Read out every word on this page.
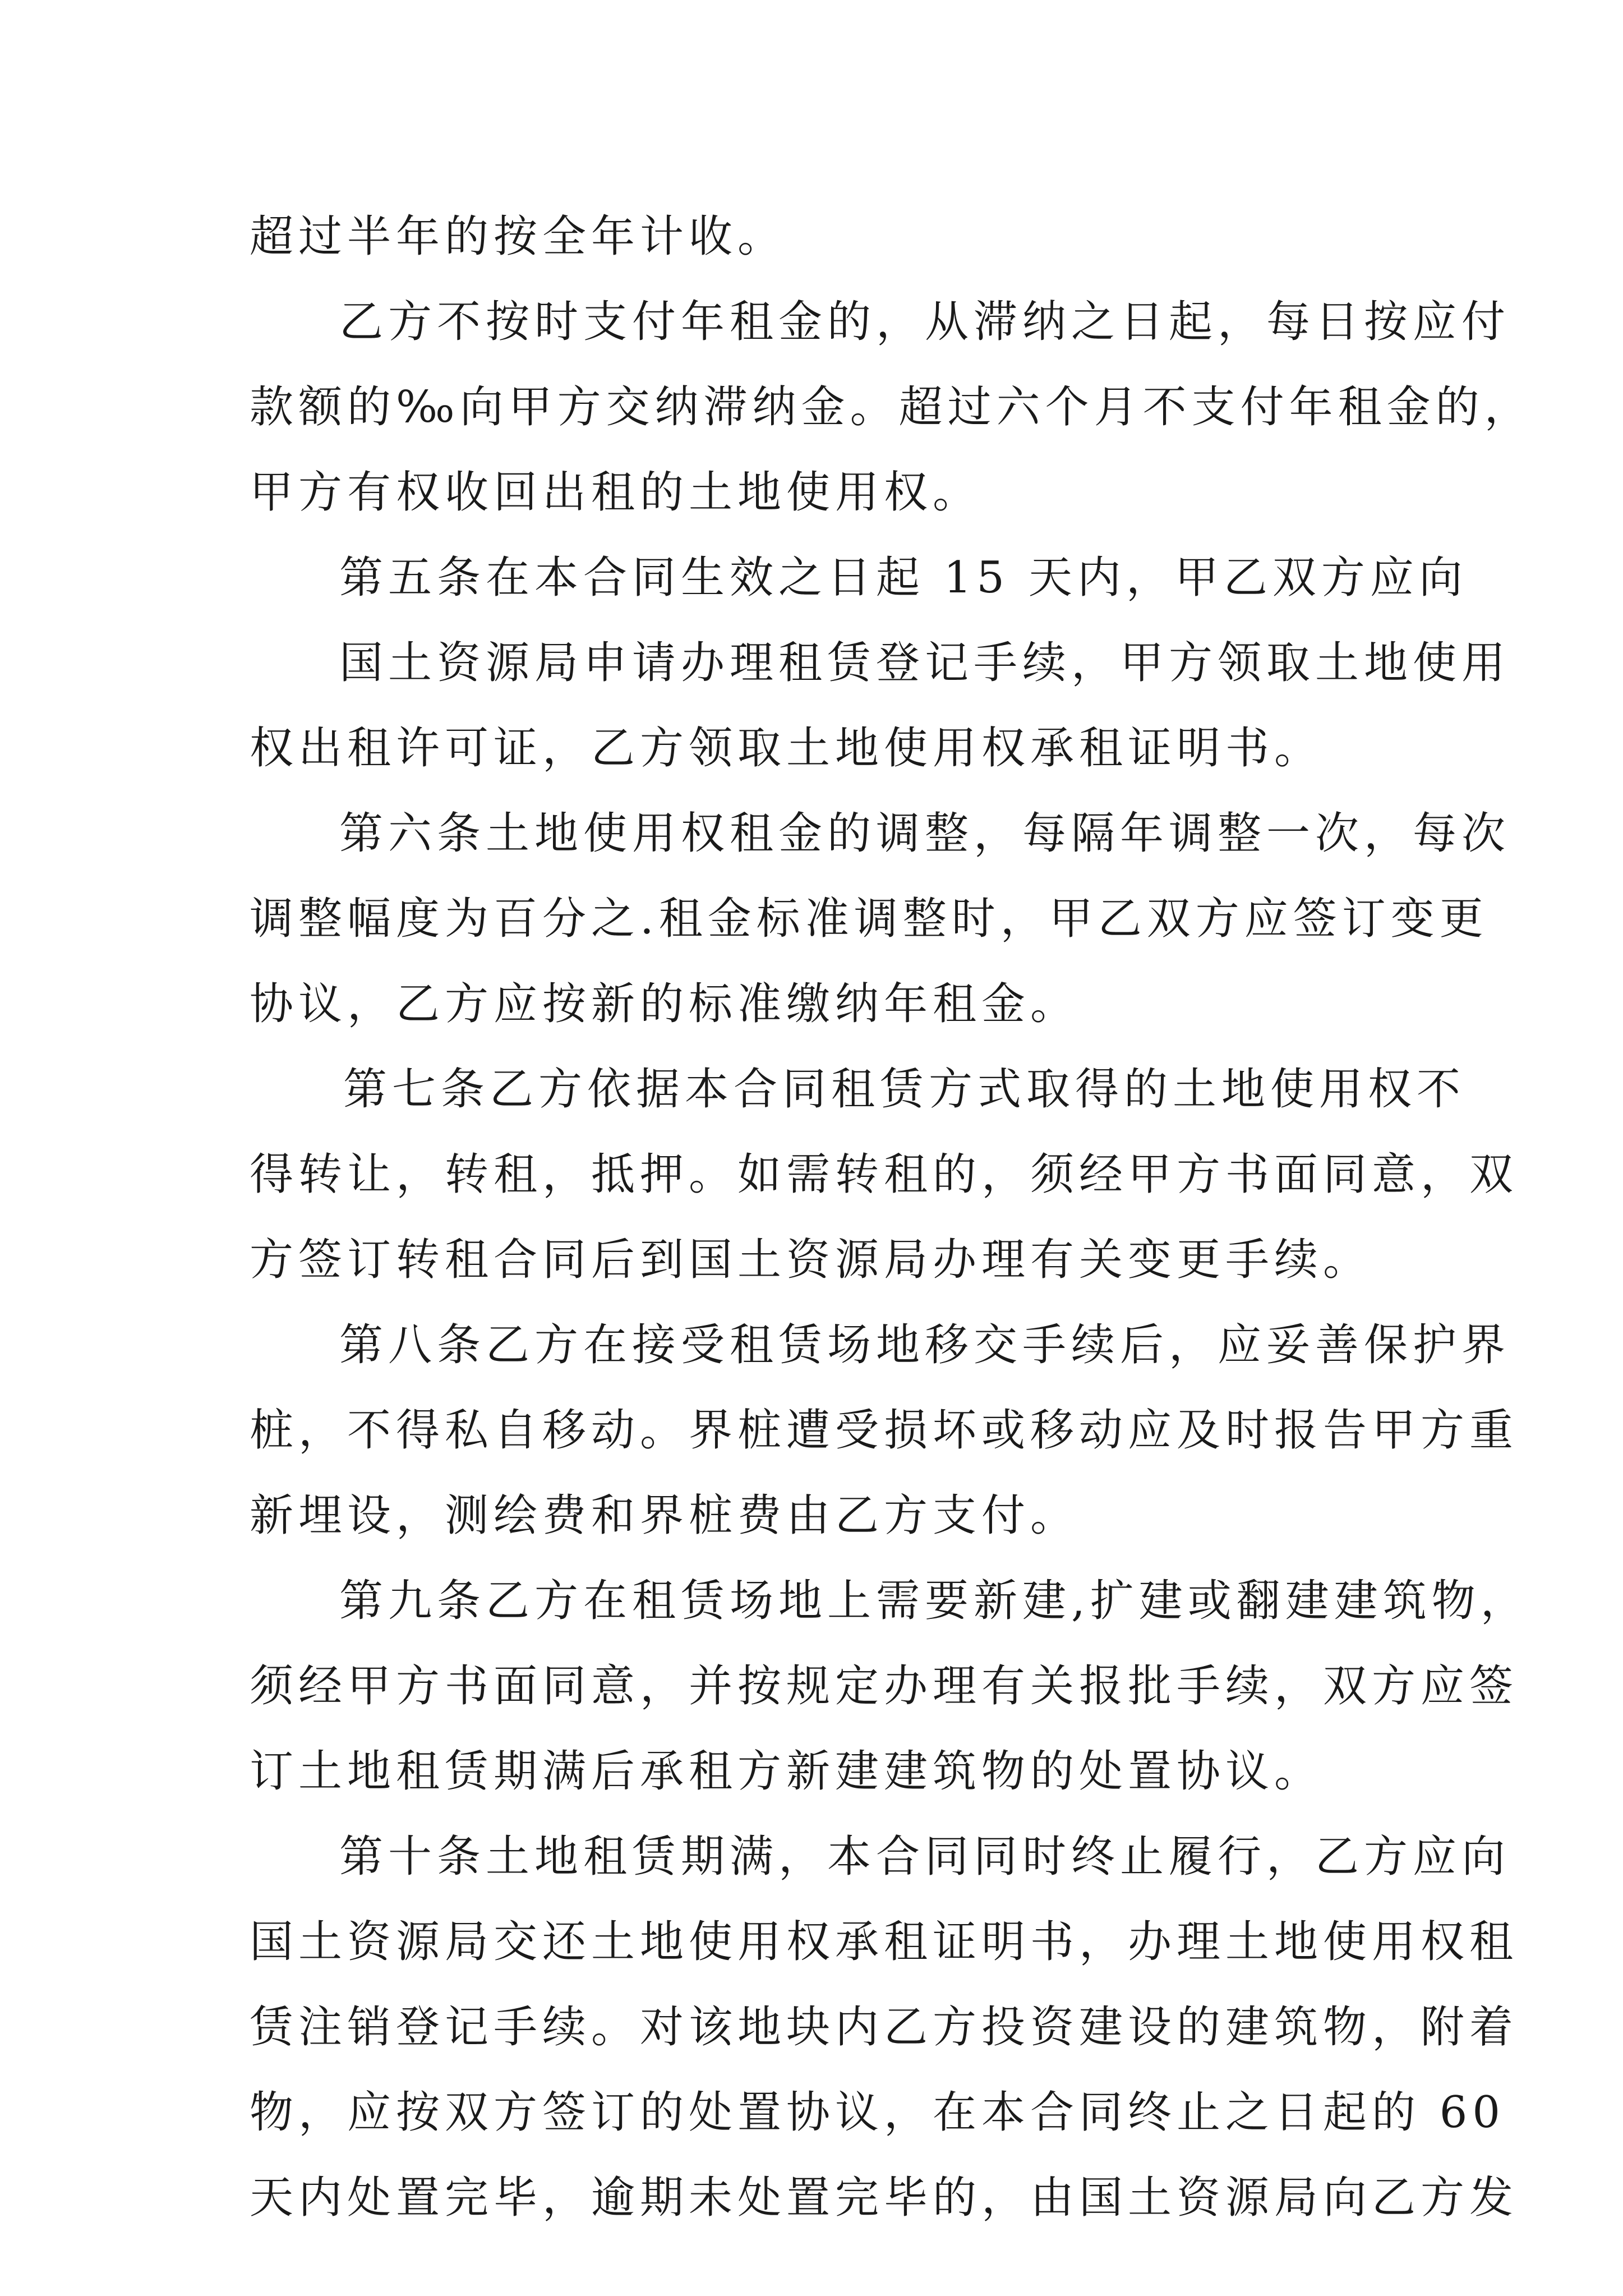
超过半年的按全年计收。
乙方不按时支付年租金的，从滞纳之日起，每日按应付
款额的‰向甲方交纳滞纳金。超过六个月不支付年租金的，
甲方有权收回出租的土地使用权。
第五条在本合同生效之日起 15 天内，甲乙双方应向
国土资源局申请办理租赁登记手续，甲方领取土地使用
权出租许可证，乙方领取土地使用权承租证明书。
第六条土地使用权租金的调整，每隔年调整一次，每次
调整幅度为百分之.租金标准调整时，甲乙双方应签订变更
协议，乙方应按新的标准缴纳年租金。
第七条乙方依据本合同租赁方式取得的土地使用权不
得转让，转租，抵押。如需转租的，须经甲方书面同意，双
方签订转租合同后到国土资源局办理有关变更手续。
第八条乙方在接受租赁场地移交手续后，应妥善保护界
桩，不得私自移动。界桩遭受损坏或移动应及时报告甲方重
新埋设，测绘费和界桩费由乙方支付。
第九条乙方在租赁场地上需要新建,扩建或翻建建筑物，
须经甲方书面同意，并按规定办理有关报批手续，双方应签
订土地租赁期满后承租方新建建筑物的处置协议。
第十条土地租赁期满，本合同同时终止履行，乙方应向
国土资源局交还土地使用权承租证明书，办理土地使用权租
赁注销登记手续。对该地块内乙方投资建设的建筑物，附着
物，应按双方签订的处置协议，在本合同终止之日起的 60
天内处置完毕，逾期未处置完毕的，由国土资源局向乙方发
